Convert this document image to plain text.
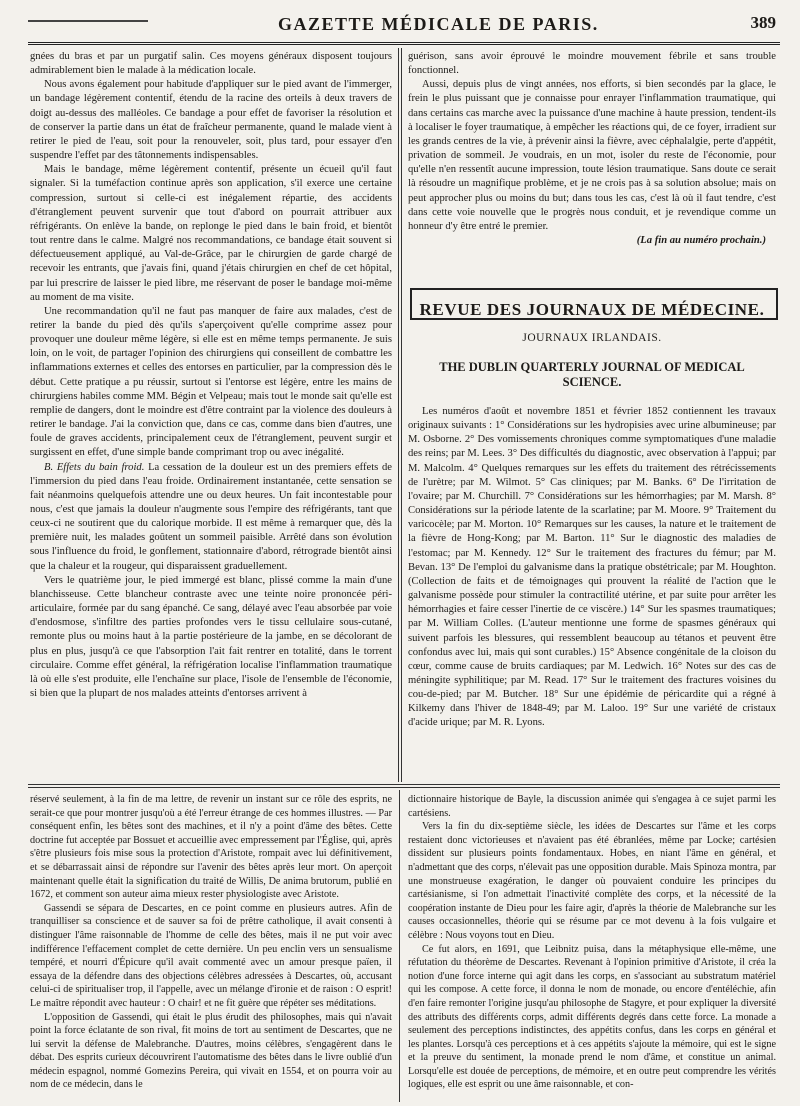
GAZETTE MÉDICALE DE PARIS.	389

gnées du bras et par un purgatif salin. Ces moyens généraux disposent toujours admirablement bien le malade à la médication locale.

Nous avons également pour habitude d'appliquer sur le pied avant de l'immerger, un bandage légèrement contentif, étendu de la racine des orteils à deux travers de doigt au-dessus des malléoles. Ce bandage a pour effet de favoriser la résolution et de conserver la partie dans un état de fraîcheur permanente, quand le malade vient à retirer le pied de l'eau, soit pour la renouveler, soit, plus tard, pour essayer d'en suspendre l'effet par des tâtonnements indispensables.

Mais le bandage, même légèrement contentif, présente un écueil qu'il faut signaler. Si la tuméfaction continue après son application, s'il exerce une certaine compression, surtout si celle-ci est inégalement répartie, des accidents d'étranglement peuvent survenir que tout d'abord on pourrait attribuer aux réfrigérants. On enlève la bande, on replonge le pied dans le bain froid, et bientôt tout rentre dans le calme. Malgré nos recommandations, ce bandage était souvent si défectueusement appliqué, au Val-de-Grâce, par le chirurgien de garde chargé de recevoir les entrants, que j'avais fini, quand j'étais chirurgien en chef de cet hôpital, par lui prescrire de laisser le pied libre, me réservant de poser le bandage moi-même au moment de ma visite.

Une recommandation qu'il ne faut pas manquer de faire aux malades, c'est de retirer la bande du pied dès qu'ils s'aperçoivent qu'elle comprime assez pour provoquer une douleur même légère, si elle est en même temps permanente. Je suis loin, on le voit, de partager l'opinion des chirurgiens qui conseillent de combattre les inflammations externes et celles des entorses en particulier, par la compression dès le début. Cette pratique a pu réussir, surtout si l'entorse est légère, entre les mains de chirurgiens habiles comme MM. Bégin et Velpeau; mais tout le monde sait qu'elle est remplie de dangers, dont le moindre est d'être contraint par la violence des douleurs à retirer le bandage. J'ai la conviction que, dans ce cas, comme dans bien d'autres, une foule de graves accidents, principalement ceux de l'étranglement, peuvent surgir et surgissent en effet, d'une simple bande comprimant trop ou avec inégalité.

B. Effets du bain froid. La cessation de la douleur est un des premiers effets de l'immersion du pied dans l'eau froide. Ordinairement instantanée, cette sensation se fait néanmoins quelquefois attendre une ou deux heures. Un fait incontestable pour nous, c'est que jamais la douleur n'augmente sous l'empire des réfrigérants, tant que ceux-ci ne soutirent que du calorique morbide. Il est même à remarquer que, dès la première nuit, les malades goûtent un sommeil paisible. Arrêté dans son évolution sous l'influence du froid, le gonflement, stationnaire d'abord, rétrograde bientôt ainsi que la chaleur et la rougeur, qui disparaissent graduellement.

Vers le quatrième jour, le pied immergé est blanc, plissé comme la main d'une blanchisseuse. Cette blancheur contraste avec une teinte noire prononcée péri-articulaire, formée par du sang épanché. Ce sang, délayé avec l'eau absorbée par voie d'endosmose, s'infiltre des parties profondes vers le tissu cellulaire sous-cutané, remonte plus ou moins haut à la partie postérieure de la jambe, en se décolorant de plus en plus, jusqu'à ce que l'absorption l'ait fait rentrer en totalité, dans le torrent circulaire. Comme effet général, la réfrigération localise l'inflammation traumatique là où elle s'est produite, elle l'enchaîne sur place, l'isole de l'ensemble de l'économie, si bien que la plupart de nos malades atteints d'entorses arrivent à

guérison, sans avoir éprouvé le moindre mouvement fébrile et sans trouble fonctionnel.

Aussi, depuis plus de vingt années, nos efforts, si bien secondés par la glace, le frein le plus puissant que je connaisse pour enrayer l'inflammation traumatique, qui dans certains cas marche avec la puissance d'une machine à haute pression, tendent-ils à localiser le foyer traumatique, à empêcher les réactions qui, de ce foyer, irradient sur les grands centres de la vie, à prévenir ainsi la fièvre, avec céphalalgie, perte d'appétit, privation de sommeil. Je voudrais, en un mot, isoler du reste de l'économie, pour qu'elle n'en ressentît aucune impression, toute lésion traumatique. Sans doute ce serait là résoudre un magnifique problème, et je ne crois pas à sa solution absolue; mais on peut approcher plus ou moins du but; dans tous les cas, c'est là où il faut tendre, c'est dans cette voie nouvelle que le progrès nous conduit, et je revendique comme un honneur d'y être entré le premier.

(La fin au numéro prochain.)

REVUE DES JOURNAUX DE MÉDECINE.
JOURNAUX IRLANDAIS.
THE DUBLIN QUARTERLY JOURNAL OF MEDICAL SCIENCE.

Les numéros d'août et novembre 1851 et février 1852 contiennent les travaux originaux suivants : 1° Considérations sur les hydropisies avec urine albumineuse; par M. Osborne. 2° Des vomissements chroniques comme symptomatiques d'une maladie des reins; par M. Lees. 3° Des difficultés du diagnostic, avec observation à l'appui; par M. Malcolm. 4° Quelques remarques sur les effets du traitement des rétrécissements de l'urètre; par M. Wilmot. 5° Cas cliniques; par M. Banks. 6° De l'irritation de l'ovaire; par M. Churchill. 7° Considérations sur les hémorrhagies; par M. Marsh. 8° Considérations sur la période latente de la scarlatine; par M. Moore. 9° Traitement du varicocèle; par M. Morton. 10° Remarques sur les causes, la nature et le traitement de la fièvre de Hong-Kong; par M. Barton. 11° Sur le diagnostic des maladies de l'estomac; par M. Kennedy. 12° Sur le traitement des fractures du fémur; par M. Bevan. 13° De l'emploi du galvanisme dans la pratique obstétricale; par M. Houghton. (Collection de faits et de témoignages qui prouvent la réalité de l'action que le galvanisme possède pour stimuler la contractilité utérine, et par suite pour arrêter les hémorrhagies et faire cesser l'inertie de ce viscère.) 14° Sur les spasmes traumatiques; par M. William Colles. (L'auteur mentionne une forme de spasmes généraux qui suivent parfois les blessures, qui ressemblent beaucoup au tétanos et peuvent être confondus avec lui, mais qui sont curables.) 15° Absence congénitale de la cloison du cœur, comme cause de bruits cardiaques; par M. Ledwich. 16° Notes sur des cas de méningite syphilitique; par M. Read. 17° Sur le traitement des fractures voisines du cou-de-pied; par M. Butcher. 18° Sur une épidémie de péricardite qui a régné à Kilkemy dans l'hiver de 1848-49; par M. Laloo. 19° Sur une variété de cristaux d'acide urique; par M. R. Lyons.

réservé seulement, à la fin de ma lettre, de revenir un instant sur ce rôle des esprits, ne serait-ce que pour montrer jusqu'où a été l'erreur étrange de ces hommes illustres. — Par conséquent enfin, les bêtes sont des machines, et il n'y a point d'âme des bêtes. Cette doctrine fut acceptée par Bossuet et accueillie avec empressement par l'Église, qui, après s'être plusieurs fois mise sous la protection d'Aristote, rompait avec lui définitivement, et se débarrassait ainsi de répondre sur l'avenir des bêtes après leur mort. On aperçoit maintenant quelle était la signification du traité de Willis, De anima brutorum, publié en 1672, et comment son auteur aima mieux rester physiologiste avec Aristote.

Gassendi se sépara de Descartes, en ce point comme en plusieurs autres. Afin de tranquilliser sa conscience et de sauver sa foi de prêtre catholique, il avait consenti à distinguer l'âme raisonnable de l'homme de celle des bêtes, mais il ne put voir avec indifférence l'effacement complet de cette dernière. Un peu enclin vers un sensualisme tempéré, et nourri d'Épicure qu'il avait commenté avec un amour presque païen, il essaya de la défendre dans des objections célèbres adressées à Descartes, où, accusant celui-ci de spiritualiser trop, il l'appelle, avec un mélange d'ironie et de raison : O esprit! Le maître répondit avec hauteur : O chair! et ne fit guère que répéter ses méditations.

L'opposition de Gassendi, qui était le plus érudit des philosophes, mais qui n'avait point la force éclatante de son rival, fit moins de tort au sentiment de Descartes, que ne lui servit la défense de Malebranche. D'autres, moins célèbres, s'engagèrent dans le débat. Des esprits curieux découvrirent l'automatisme des bêtes dans le livre oublié d'un médecin espagnol, nommé Gomezins Pereira, qui vivait en 1554, et on pourra voir au nom de ce médecin, dans le

dictionnaire historique de Bayle, la discussion animée qui s'engagea à ce sujet parmi les cartésiens.

Vers la fin du dix-septième siècle, les idées de Descartes sur l'âme et les corps restaient donc victorieuses et n'avaient pas été ébranlées, même par Locke; cartésien dissident sur plusieurs points fondamentaux. Hobes, en niant l'âme en général, et n'admettant que des corps, n'élevait pas une opposition durable. Mais Spinoza montra, par une monstrueuse exagération, le danger où pouvaient conduire les principes du cartésianisme, si l'on admettait l'inactivité complète des corps, et la nécessité de la coopération instante de Dieu pour les faire agir, d'après la théorie de Malebranche sur les causes occasionnelles, théorie qui se résume par ce mot devenu à la fois vulgaire et célèbre : Nous voyons tout en Dieu.

Ce fut alors, en 1691, que Leibnitz puisa, dans la métaphysique elle-même, une réfutation du théorème de Descartes. Revenant à l'opinion primitive d'Aristote, il créa la notion d'une force interne qui agit dans les corps, en s'associant au substratum matériel qui les compose. A cette force, il donna le nom de monade, ou encore d'entéléchie, afin d'en faire remonter l'origine jusqu'au philosophe de Stagyre, et pour expliquer la diversité des attributs des différents corps, admit différents degrés dans cette force. La monade a seulement des perceptions indistinctes, des appétits confus, dans les corps en général et les plantes. Lorsqu'à ces perceptions et à ces appétits s'ajoute la mémoire, qui est le signe et la preuve du sentiment, la monade prend le nom d'âme, et constitue un animal. Lorsqu'elle est douée de perceptions, de mémoire, et en outre peut comprendre les vérités logiques, elle est esprit ou une âme raisonnable, et con-
